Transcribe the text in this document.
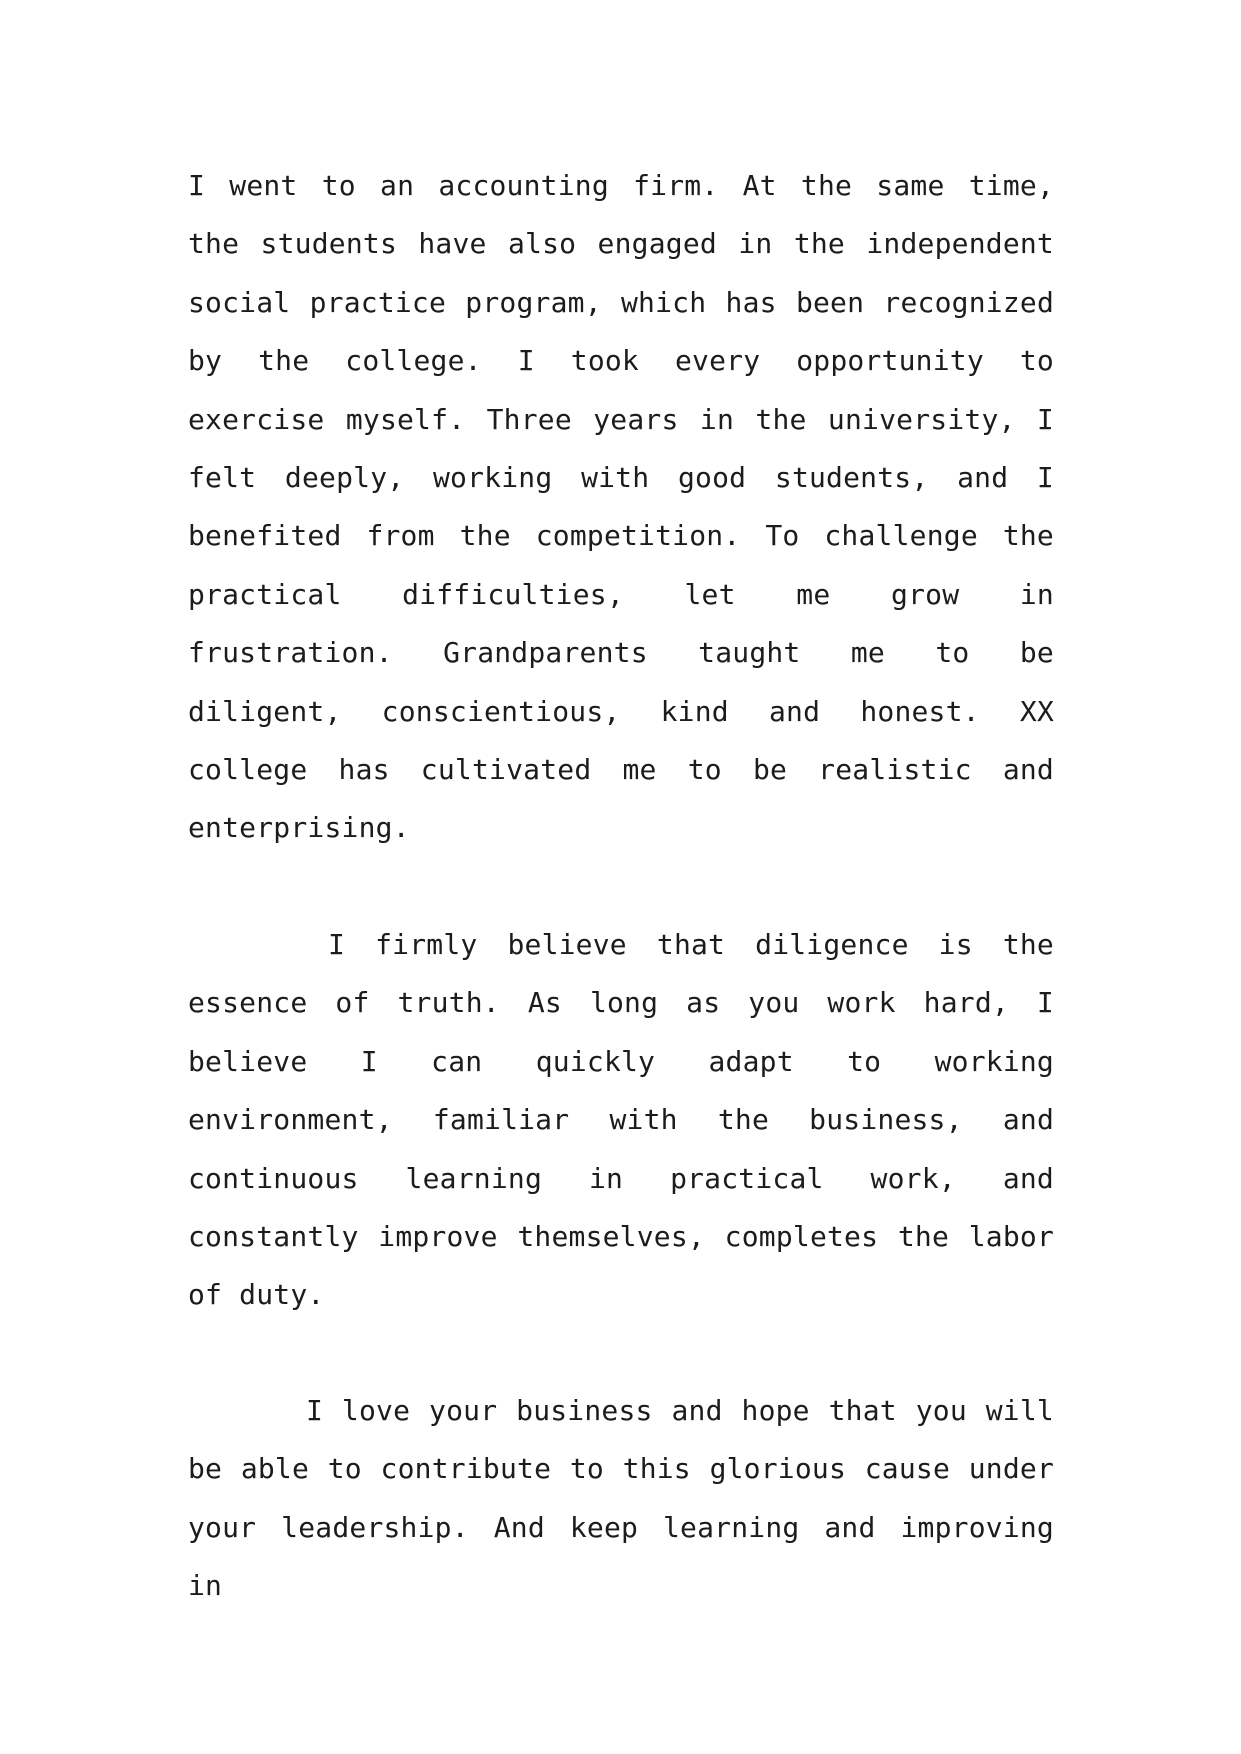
I went to an accounting firm. At the same time, the students have also engaged in the independent social practice program, which has been recognized by the college. I took every opportunity to exercise myself. Three years in the university, I felt deeply, working with good students, and I benefited from the competition. To challenge the practical difficulties, let me grow in frustration. Grandparents taught me to be diligent, conscientious, kind and honest. XX college has cultivated me to be realistic and enterprising.

I firmly believe that diligence is the essence of truth. As long as you work hard, I believe I can quickly adapt to working environment, familiar with the business, and continuous learning in practical work, and constantly improve themselves, completes the labor of duty.

I love your business and hope that you will be able to contribute to this glorious cause under your leadership. And keep learning and improving in
